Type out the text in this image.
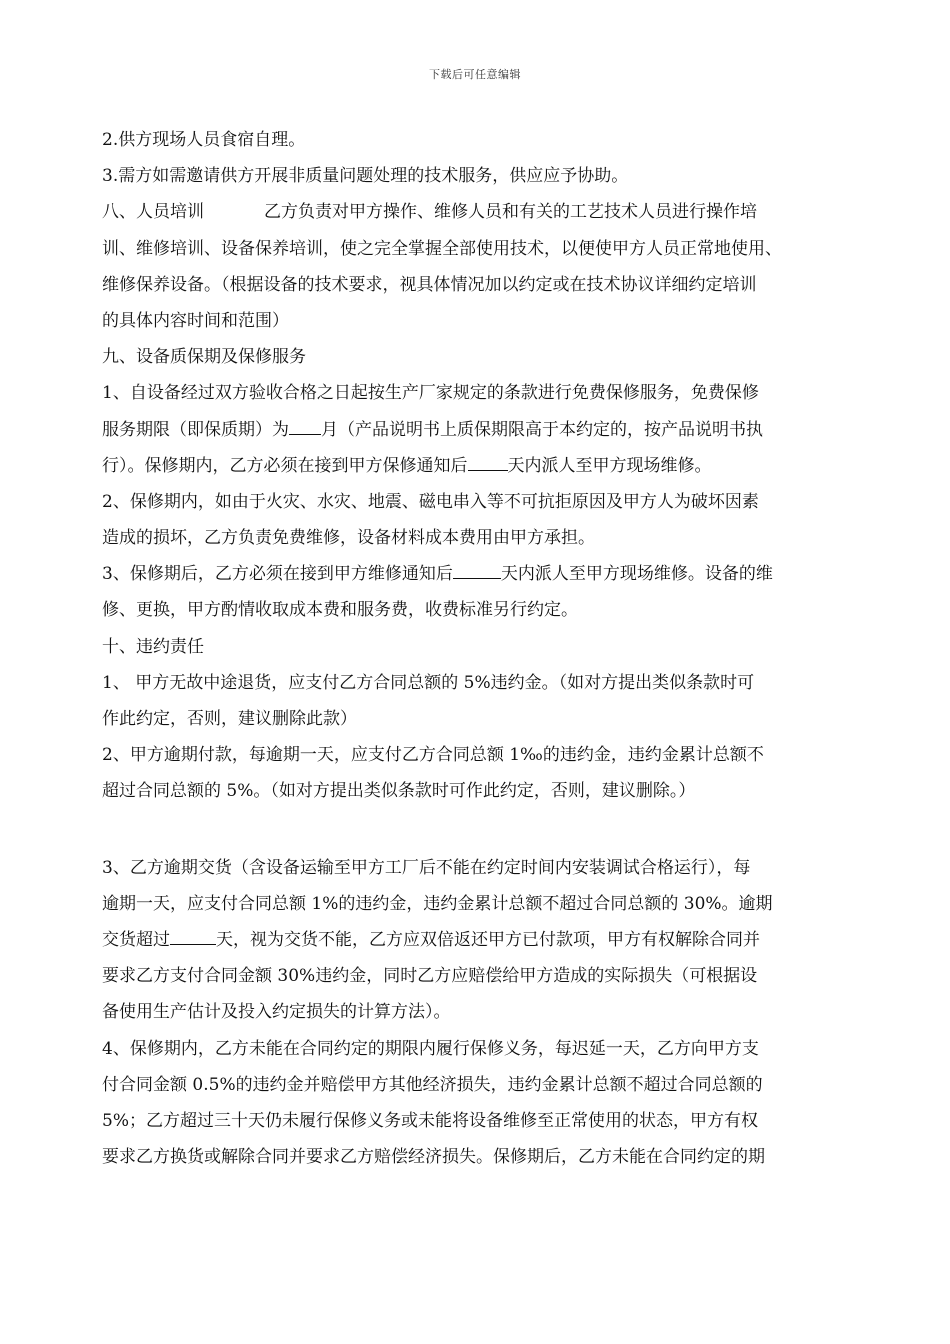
下载后可任意编辑
2.供方现场人员食宿自理。
3.需方如需邀请供方开展非质量问题处理的技术服务，供应应予协助。
八、人员培训	乙方负责对甲方操作、维修人员和有关的工艺技术人员进行操作培
训、维修培训、设备保养培训，使之完全掌握全部使用技术，以便使甲方人员正常地使用、
维修保养设备。（根据设备的技术要求，视具体情况加以约定或在技术协议详细约定培训
的具体内容时间和范围）
九、设备质保期及保修服务
1、自设备经过双方验收合格之日起按生产厂家规定的条款进行免费保修服务，免费保修
服务期限（即保质期）为 月（产品说明书上质保期限高于本约定的，按产品说明书执
行）。保修期内，乙方必须在接到甲方保修通知后 天内派人至甲方现场维修。
2、保修期内，如由于火灾、水灾、地震、磁电串入等不可抗拒原因及甲方人为破坏因素
造成的损坏，乙方负责免费维修，设备材料成本费用由甲方承担。
3、保修期后，乙方必须在接到甲方维修通知后	天内派人至甲方现场维修。设备的维
修、更换，甲方酌情收取成本费和服务费，收费标准另行约定。
十、违约责任
1、 甲方无故中途退货，应支付乙方合同总额的 5%违约金。（如对方提出类似条款时可
作此约定，否则，建议删除此款）
2、甲方逾期付款，每逾期一天，应支付乙方合同总额 1‰的违约金，违约金累计总额不
超过合同总额的 5%。（如对方提出类似条款时可作此约定，否则，建议删除。）
3、乙方逾期交货（含设备运输至甲方工厂后不能在约定时间内安装调试合格运行），每
逾期一天，应支付合同总额 1%的违约金，违约金累计总额不超过合同总额的 30%。逾期
交货超过	天，视为交货不能，乙方应双倍返还甲方已付款项，甲方有权解除合同并
要求乙方支付合同金额 30%违约金，同时乙方应赔偿给甲方造成的实际损失（可根据设
备使用生产估计及投入约定损失的计算方法）。
4、保修期内，乙方未能在合同约定的期限内履行保修义务，每迟延一天，乙方向甲方支
付合同金额 0.5%的违约金并赔偿甲方其他经济损失，违约金累计总额不超过合同总额的
5%；乙方超过三十天仍未履行保修义务或未能将设备维修至正常使用的状态，甲方有权
要求乙方换货或解除合同并要求乙方赔偿经济损失。保修期后，乙方未能在合同约定的期
